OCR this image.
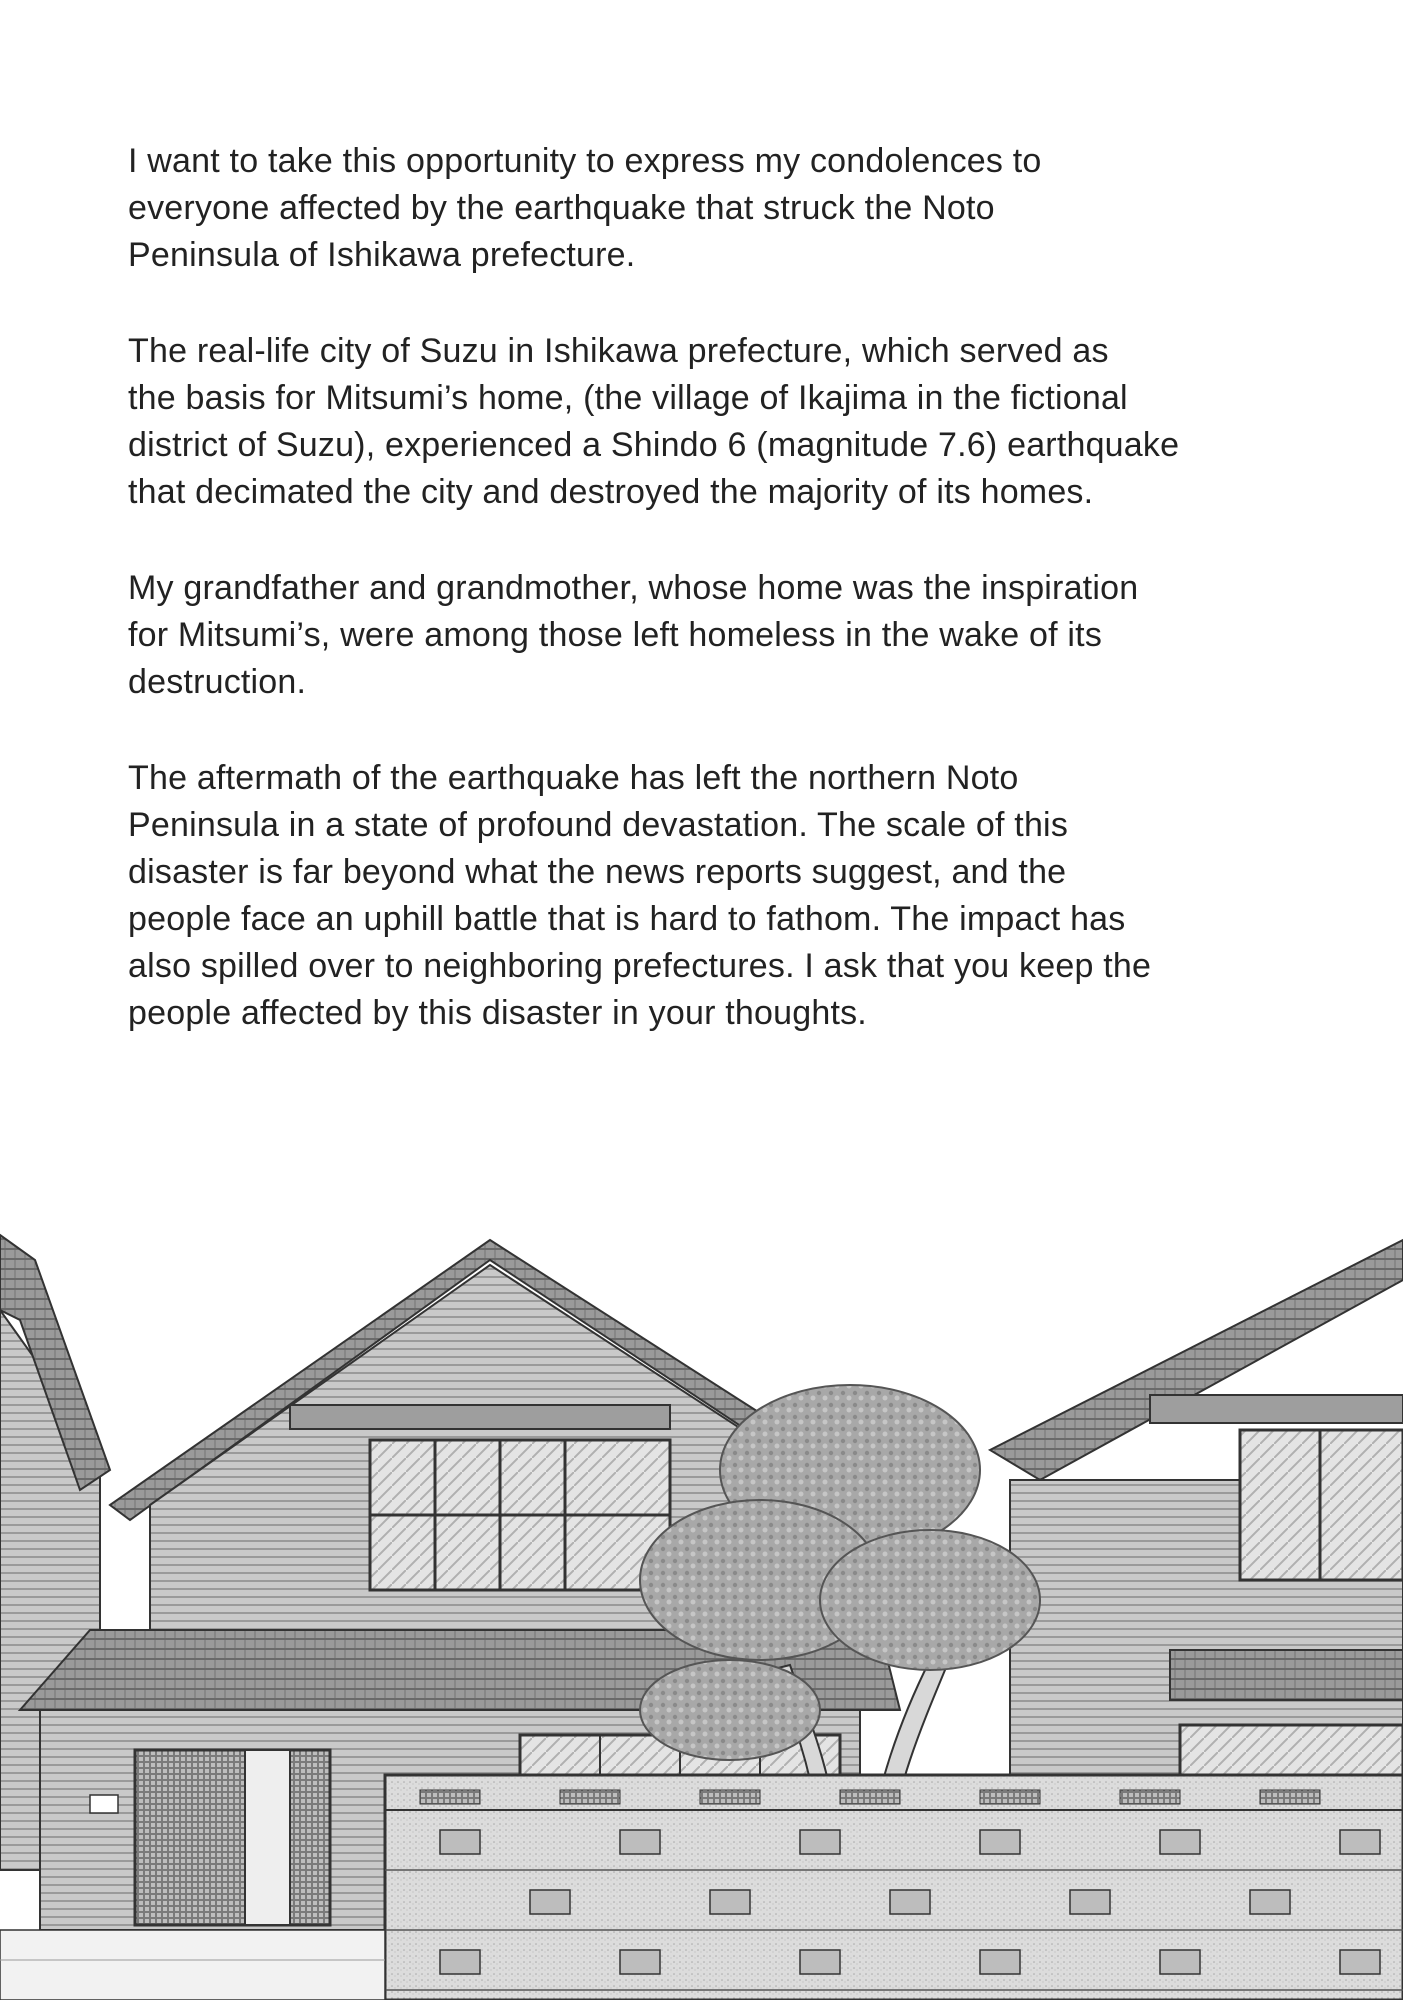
I want to take this opportunity to express my condolences to
everyone affected by the earthquake that struck the Noto
Peninsula of Ishikawa prefecture.

The real-life city of Suzu in Ishikawa prefecture, which served as
the basis for Mitsumi’s home, (the village of Ikajima in the fictional
district of Suzu), experienced a Shindo 6 (magnitude 7.6) earthquake
that decimated the city and destroyed the majority of its homes.

My grandfather and grandmother, whose home was the inspiration
for Mitsumi’s, were among those left homeless in the wake of its
destruction.

The aftermath of the earthquake has left the northern Noto
Peninsula in a state of profound devastation. The scale of this
disaster is far beyond what the news reports suggest, and the
people face an uphill battle that is hard to fathom. The impact has
also spilled over to neighboring prefectures. I ask that you keep the
people affected by this disaster in your thoughts.
